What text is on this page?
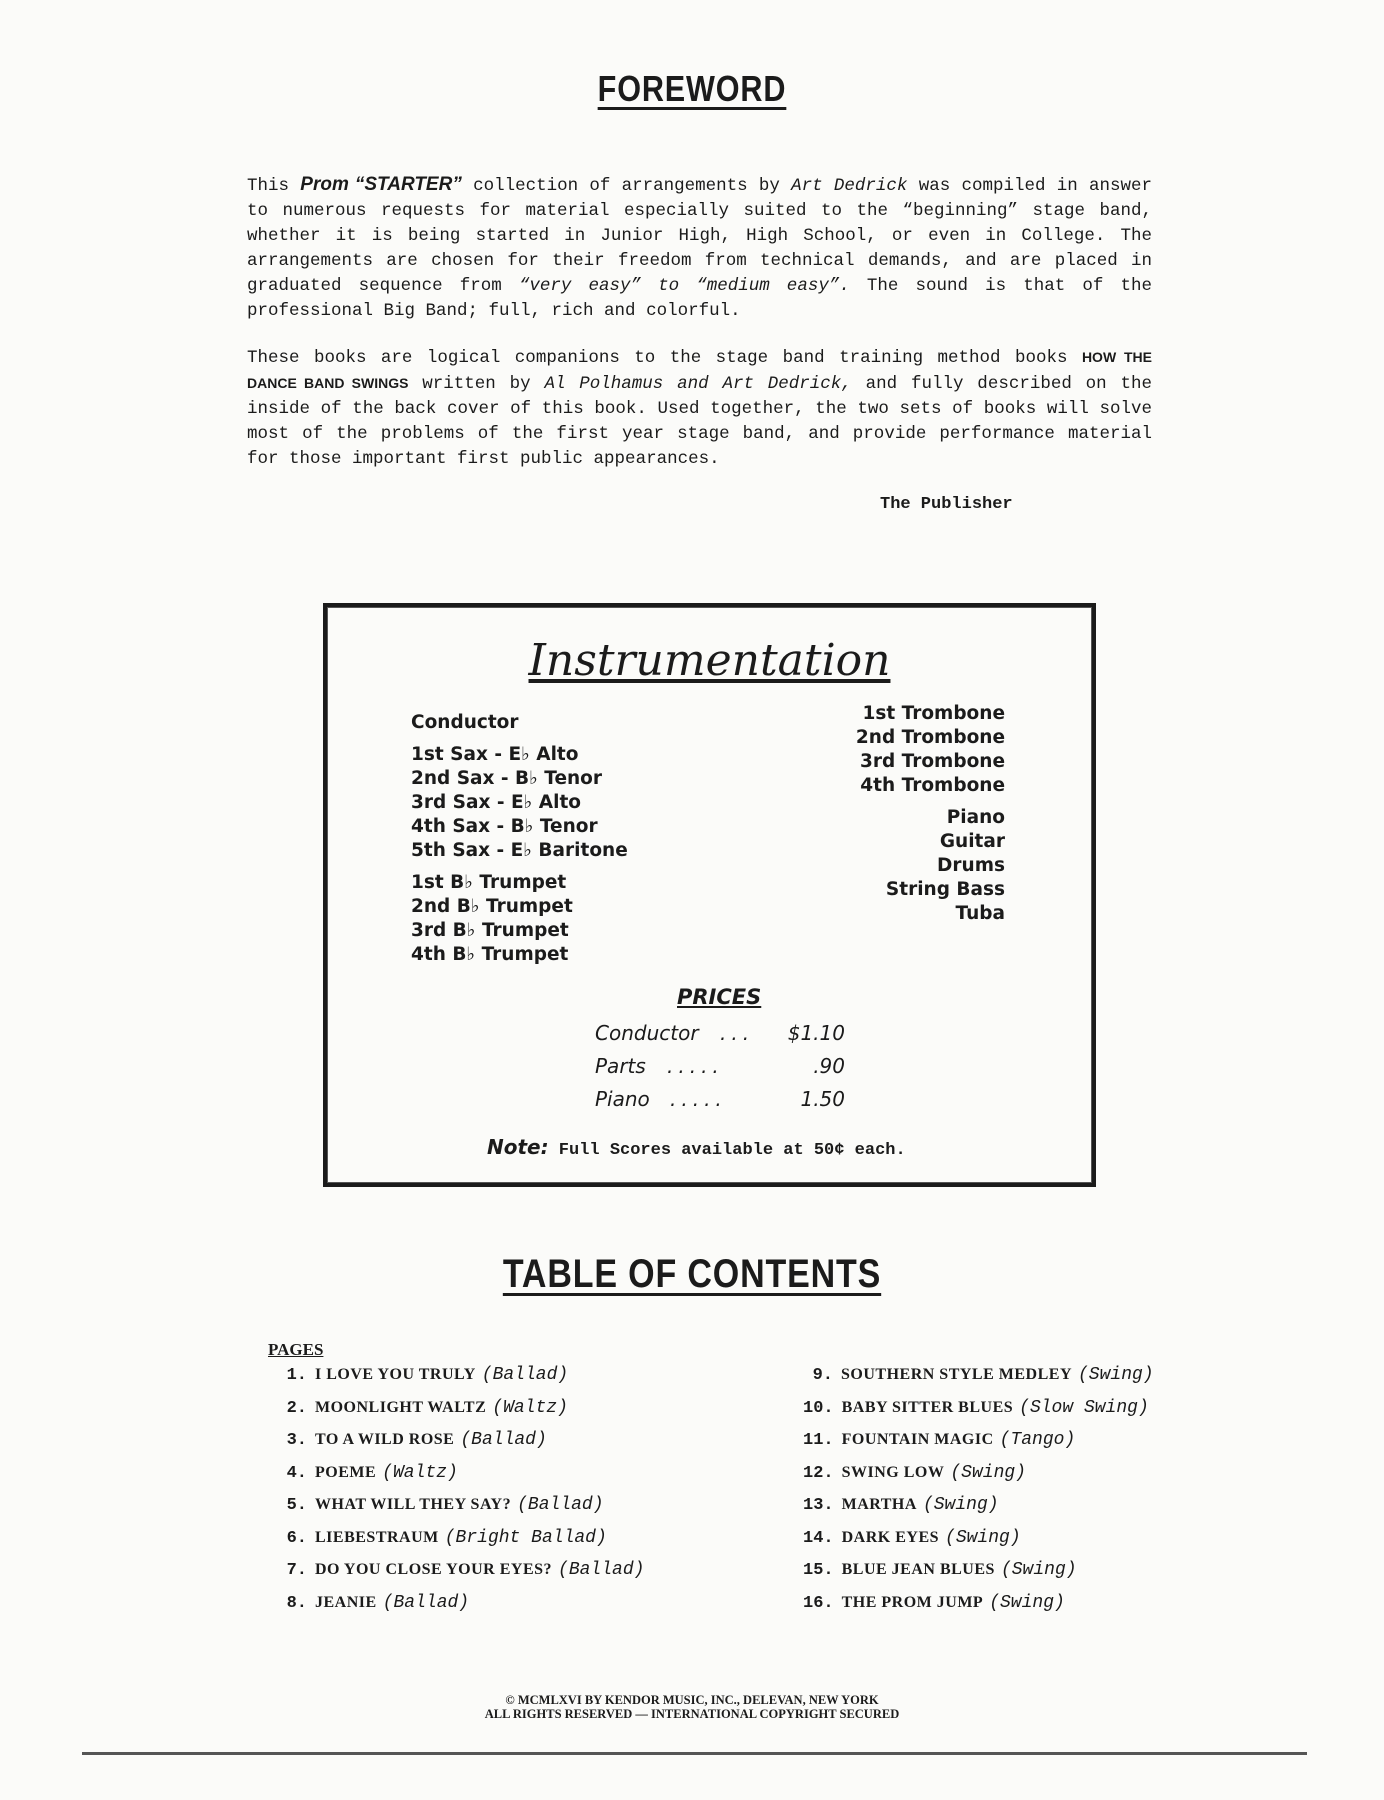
FOREWORD

This Prom “STARTER” collection of arrangements by Art Dedrick was compiled in answer to numerous requests for material especially suited to the “beginning” stage band, whether it is being started in Junior High, High School, or even in College. The arrangements are chosen for their freedom from technical demands, and are placed in graduated sequence from “very easy” to “medium easy”. The sound is that of the professional Big Band; full, rich and colorful.

These books are logical companions to the stage band training method books HOW THE DANCE BAND SWINGS written by Al Polhamus and Art Dedrick, and fully described on the inside of the back cover of this book. Used together, the two sets of books will solve most of the problems of the first year stage band, and provide performance material for those important first public appearances.

The Publisher
Instrumentation
Conductor
1st Sax - E♭ Alto
2nd Sax - B♭ Tenor
3rd Sax - E♭ Alto
4th Sax - B♭ Tenor
5th Sax - E♭ Baritone
1st B♭ Trumpet
2nd B♭ Trumpet
3rd B♭ Trumpet
4th B♭ Trumpet
1st Trombone
2nd Trombone
3rd Trombone
4th Trombone
Piano
Guitar
Drums
String Bass
Tuba
PRICES
Conductor ... $1.10
Parts .....	.90
Piano .....	1.50
Note: Full Scores available at 50¢ each.
TABLE OF CONTENTS
PAGES
1. I LOVE YOU TRULY (Ballad)
2. MOONLIGHT WALTZ (Waltz)
3. TO A WILD ROSE (Ballad)
4. POEME (Waltz)
5. WHAT WILL THEY SAY? (Ballad)
6. LIEBESTRAUM (Bright Ballad)
7. DO YOU CLOSE YOUR EYES? (Ballad)
8. JEANIE (Ballad)
9. SOUTHERN STYLE MEDLEY (Swing)
10. BABY SITTER BLUES (Slow Swing)
11. FOUNTAIN MAGIC (Tango)
12. SWING LOW (Swing)
13. MARTHA (Swing)
14. DARK EYES (Swing)
15. BLUE JEAN BLUES (Swing)
16. THE PROM JUMP (Swing)
© MCMLXVI BY KENDOR MUSIC, INC., DELEVAN, NEW YORK
ALL RIGHTS RESERVED — INTERNATIONAL COPYRIGHT SECURED
